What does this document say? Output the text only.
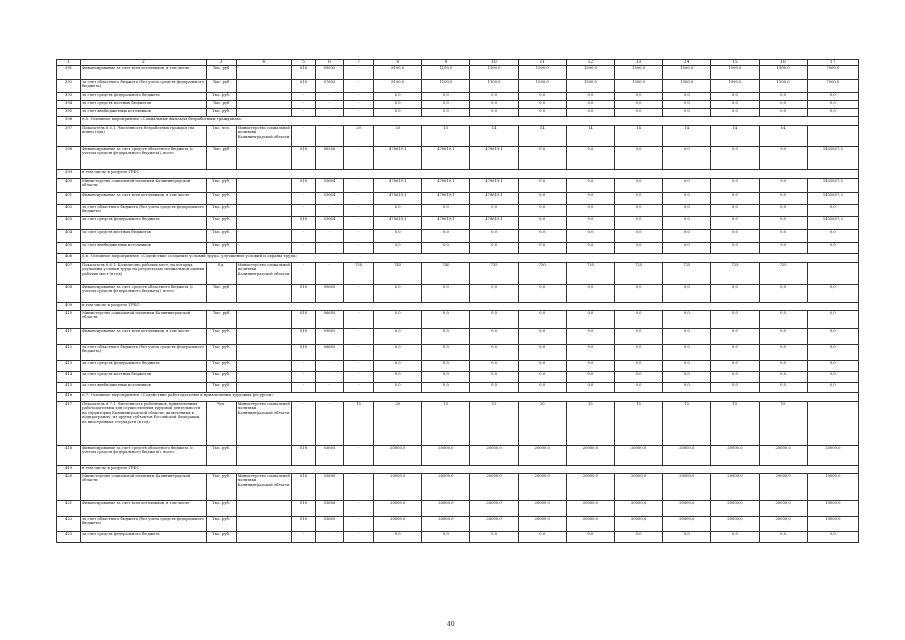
1	2	3	4	5	6	7	8	9	10	11	12	13	14	15	16	17
391	Финансирование за счет всех источников, в том числе:	Тыс. руб	-	018	09035	-	8100,0	1100,0	1100,0	1500,0	1500,0	1500,0	1500,0	1500,0	1500,0	7000,0
392	за счет областного бюджета (без учета средств федерального бюджета)	Тыс. руб	-	018	07603	-	8100,0	1100,0	1100,0	1500,0	1500,0	1500,0	1500,0	1500,0	1500,0	7000,0
393	за счет средств федерального бюджета	Тыс. руб.	-	-	-	-	0,0	0,0	0,0	0,0	0,0	0,0	0,0	0,0	0,0	0,0
394	за счет средств местных бюджетов	Тыс. руб	-	-	-	-	0,0	0,0	0,0	0,0	0,0	0,0	0,0	0,0	0,0	0,0
395	за счет внебюджетных источников	Тыс. руб.	-	-	-	-	0,0	0,0	0,0	0,0	0,0	0,0	0,0	0,0	0,0	0,0
396	6.5. Основное мероприятие «Социальные выплаты безработным гражданам»															
397	Показатель 6.5.1. Численность безработных граждан (на конец года)	Тыс. чел.	Министерство социальной политики Калининградской области	-	-	20	20	15	14	14	14	14	14	14	14	
398	Финансирование за счет средств областного бюджета (с учетом средств федерального бюджета), всего	Тыс. руб	-	018	06556	-	478619,1	478619,1	478619,1	0,0	0,0	0,0	0,0	0,0	0,0	1435857,3
399	в том числе в разрезе ГРБС:															
400	Министерство социальной политики Калининградской области	Тыс. руб.	-	018	03604	-	478619,1	478619,1	478619,1	0,0	0,0	0,0	0,0	0,0	0,0	1435857,3
401	Финансирование за счет всех источников, в том числе:	Тыс. руб.	-	-	03604	-	478619,1	478619,1	478619,1	0,0	0,0	0,0	0,0	0,0	0,0	1435857,3
402	за счет областного бюджета (без учета средств федерального бюджета)	Тыс. руб.	-	-	-	-	0,0	0,0	0,0	0,0	0,0	0,0	0,0	0,0	0,0	0,0
403	за счет средств федерального бюджета	Тыс. руб.	-	018	03604	-	478619,1	478619,1	478619,1	0,0	0,0	0,0	0,0	0,0	0,0	1435857,3
404	за счет средств местных бюджетов	Тыс. руб.	-	-	-	-	0,0	0,0	0,0	0,0	0,0	0,0	0,0	0,0	0,0	0,0
405	за счет внебюджетных источников	Тыс. руб.	-	-	-	-	0,0	0,0	0,0	0,0	0,0	0,0	0,0	0,0	0,0	0,0
406	6.6. Основное мероприятие «Содействие созданию условий труда, улучшение условий и охраны труда»															
407	Показатель 6.6.1. Количество рабочих мест, на которых улучшены условия труда по результатам специальной оценки рабочих мест (в год)	Ед.	Министерство социальной политики Калининградской области	-	-	750	745	740	735	730	730	725	725	725	725	
408	Финансирование за счет средств областного бюджета (с учетом средств федерального бюджета), всего:	Тыс. руб	-	018	09605	-	0,0	0,0	0,0	0,0	0,0	0,0	0,0	0,0	0,0	0,0
409	в том числе в разрезе ГРБС:															
410	Министерство социальной политики Калининградской области	Тыс. руб	-	018	06605	-	0,0	0,0	0,0	0,0	0,0	0,0	0,0	0,0	0,0	0,0
411	Финансирование за счет всех источников, в том числе:	Тыс. руб.	-	018	09605	-	0,0	0,0	0,0	0,0	0,0	0,0	0,0	0,0	0,0	0,0
412	за счет областного бюджета (без учета средств федерального бюджета)	Тыс. руб.	-	018	06605	-	0,0	0,0	0,0	0,0	0,0	0,0	0,0	0,0	0,0	0,0
413	за счет средств федерального бюджета	Тыс. руб.	-	-	-	-	0,0	0,0	0,0	0,0	0,0	0,0	0,0	0,0	0,0	0,0
414	за счет средств местных бюджетов	Тыс. руб.	-	-	-	-	0,0	0,0	0,0	0,0	0,0	0,0	0,0	0,0	0,0	0,0
415	за счет внебюджетных источников	Тыс. руб.	-	-	-	-	0,0	0,0	0,0	0,0	0,0	0,0	0,0	0,0	0,0	0,0
416	6.7. Основное мероприятие «Содействие работодателям в привлечении трудовых ресурсов»															
417	Показатель 6.7.1. Численность работников, привлеченных работодателями для осуществления трудовой деятельности на территории Калининградской области, включенных в подпрограмму, из других субъектов Российской Федерации, из иностранных государств (в год)	Чел.	Министерство социальной политики Калининградской области	-	-	15	20	15	15	20	15	15	15	15	15	
418	Финансирование за счет средств областного бюджета (с учетом средств федерального бюджета), всего:	Тыс. руб.	-	018	03605	-	20000,0	20000,0	20000,0	20000,0	20000,0	20000,0	20000,0	20000,0	20000,0	20000,0
419	в том числе в разрезе ГРБС:															
420	Министерство социальной политики Калининградской области	Тыс. руб.	Министерство социальной политики Калининградской области	018	03606	-	20000,0	20000,0	20000,0	20000,0	20000,0	20000,0	20000,0	20000,0	20000,0	10000,0
421	Финансирование за счет всех источников, в том числе:	Тыс. руб.	-	018	03606	-	20000,0	20000,0	20000,0	20000,0	20000,0	20000,0	20000,0	20000,0	20000,0	10000,0
422	за счет областного бюджета (без учета средств федерального бюджета)	Тыс. руб.	-	018	03605	-	20000,0	20000,0	20000,0	20000,0	20000,0	20000,0	20000,0	20000,0	20000,0	10000,0
423	за счет средств федерального бюджета	Тыс. руб.	-	-	-	-	0,0	0,0	0,0	0,0	0,0	0,0	0,0	0,0	0,0	0,0
40
